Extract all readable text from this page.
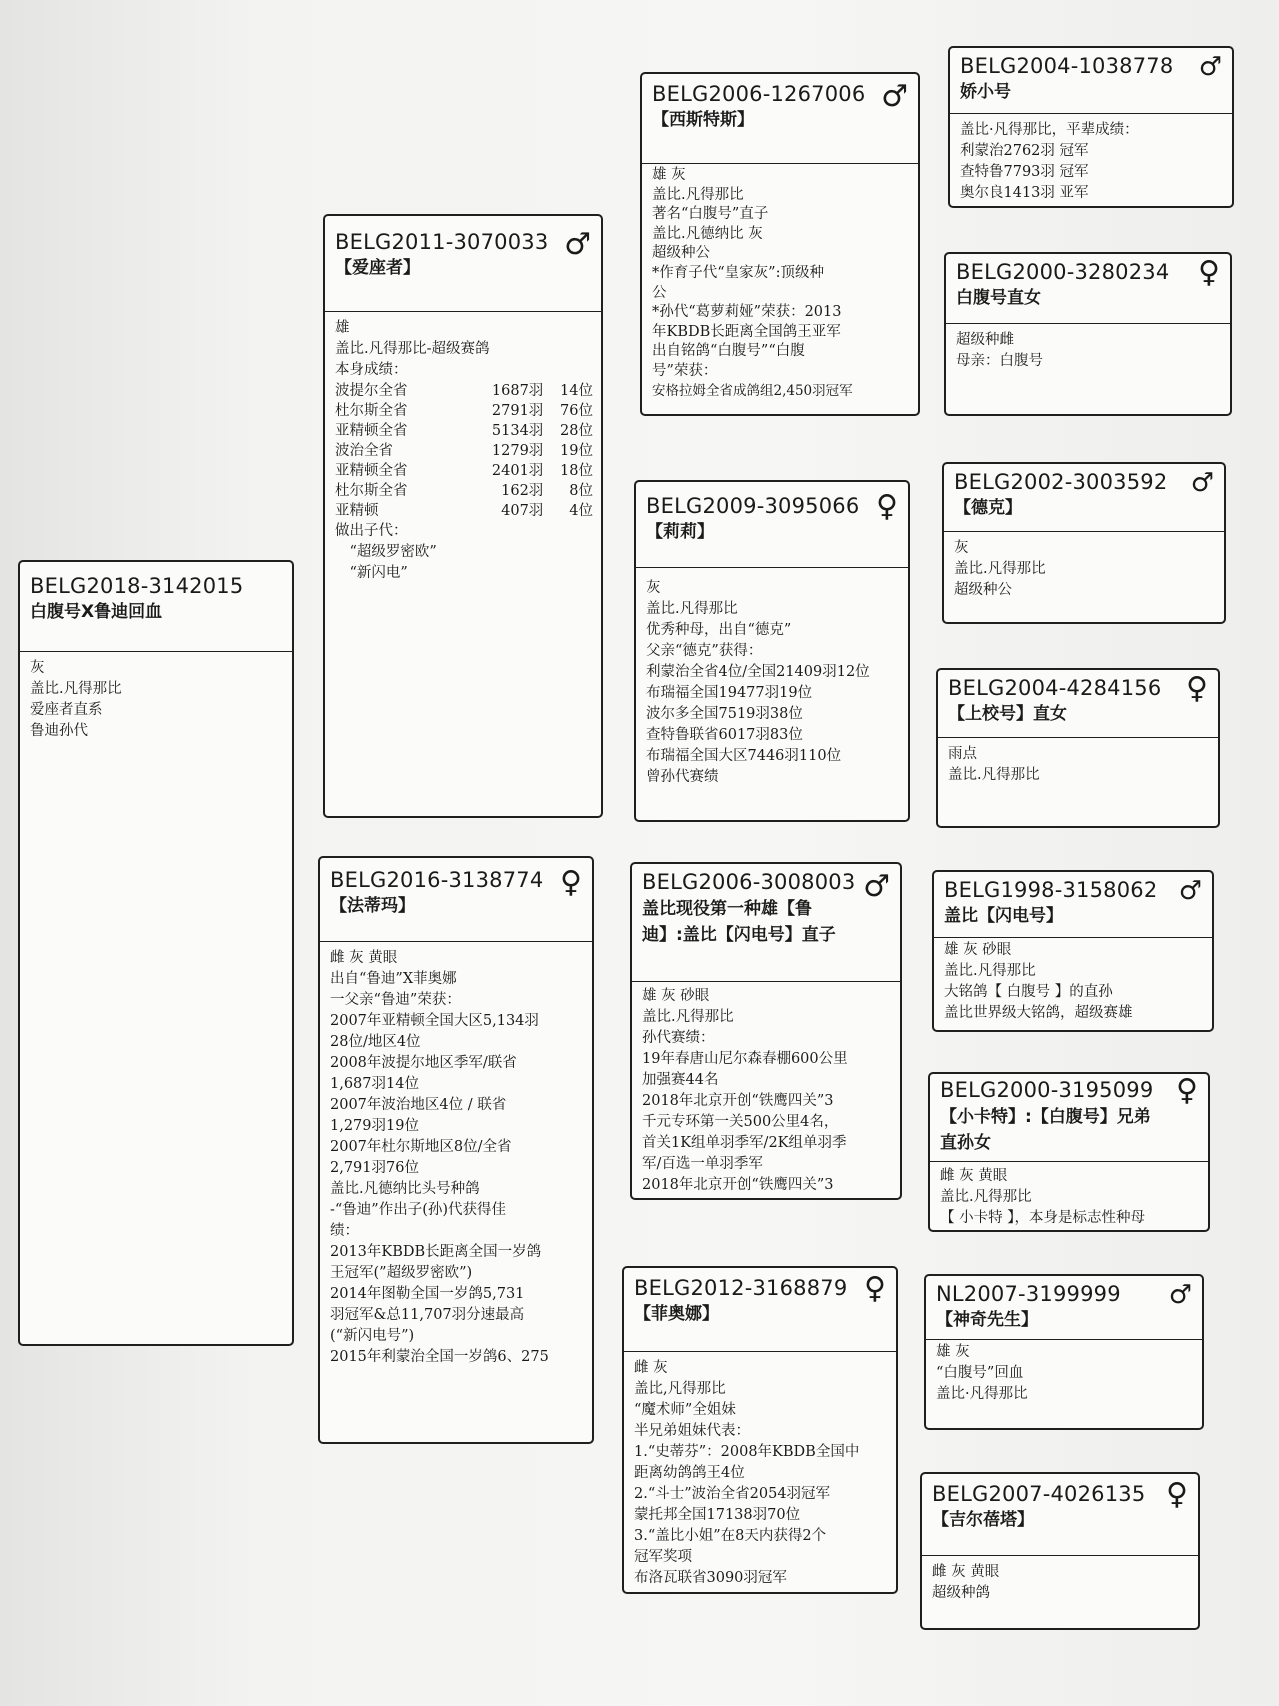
BELG2018-3142015
白腹号X鲁迪回血
灰
盖比.凡得那比
爱座者直系
鲁迪孙代
BELG2011-3070033
【爱座者】
♂
雄
盖比.凡得那比-超级赛鸽
本身成绩：
波提尔全省	1687羽	14位
杜尔斯全省	2791羽	76位
亚精顿全省	5134羽	28位
波治全省	1279羽	19位
亚精顿全省	2401羽	18位
杜尔斯全省	162羽	8位
亚精顿	407羽	4位
做出子代：
　“超级罗密欧”
　“新闪电”
BELG2016-3138774
【法蒂玛】
♀
雌 灰 黄眼
出自“鲁迪”X菲奥娜
一父亲“鲁迪”荣获：
2007年亚精顿全国大区5,134羽
28位/地区4位
2008年波提尔地区季军/联省
1,687羽14位
2007年波治地区4位 / 联省
1,279羽19位
2007年杜尔斯地区8位/全省
2,791羽76位
盖比.凡德纳比头号种鸽
-“鲁迪”作出子(孙)代获得佳
绩：
2013年KBDB长距离全国一岁鸽
王冠军(”超级罗密欧”)
2014年图勒全国一岁鸽5,731
羽冠军&总11,707羽分速最高
(“新闪电号”)
2015年利蒙治全国一岁鸽6、275
BELG2006-1267006
【西斯特斯】
♂
雄 灰
盖比.凡得那比
著名“白腹号”直子
盖比.凡德纳比 灰
超级种公
*作育子代“皇家灰”:顶级种
公
*孙代“葛萝莉娅”荣获：2013
年KBDB长距离全国鸽王亚军
出自铭鸽“白腹号”“白腹
号”荣获：
安格拉姆全省成鸽组2,450羽冠军
BELG2009-3095066
【莉莉】
♀
灰
盖比.凡得那比
优秀种母，出自“德克”
父亲“德克”获得：
利蒙治全省4位/全国21409羽12位
布瑞福全国19477羽19位
波尔多全国7519羽38位
查特鲁联省6017羽83位
布瑞福全国大区7446羽110位
曾孙代赛绩
BELG2006-3008003
盖比现役第一种雄【鲁迪】:盖比【闪电号】直子
♂
雄 灰 砂眼
盖比.凡得那比
孙代赛绩：
19年春唐山尼尔森春棚600公里
加强赛44名
2018年北京开创“铁鹰四关”3
千元专环第一关500公里4名，
首关1K组单羽季军/2K组单羽季
军/百选一单羽季军
2018年北京开创“铁鹰四关”3
BELG2012-3168879
【菲奥娜】
♀
雌 灰
盖比,凡得那比
“魔术师”全姐妹
半兄弟姐妹代表：
1.“史蒂芬”：2008年KBDB全国中
距离幼鸽鸽王4位
2.“斗士”波治全省2054羽冠军
蒙托邦全国17138羽70位
3.“盖比小姐”在8天内获得2个
冠军奖项
布洛瓦联省3090羽冠军
BELG2004-1038778
娇小号
♂
盖比·凡得那比，平辈成绩：
利蒙治2762羽 冠军
查特鲁7793羽 冠军
奥尔良1413羽 亚军
BELG2000-3280234
白腹号直女
♀
超级种雌
母亲：白腹号
BELG2002-3003592
【德克】
♂
灰
盖比.凡得那比
超级种公
BELG2004-4284156
【上校号】直女
♀
雨点
盖比.凡得那比
BELG1998-3158062
盖比【闪电号】
♂
雄 灰 砂眼
盖比.凡得那比
大铭鸽【 白腹号 】的直孙
盖比世界级大铭鸽，超级赛雄
BELG2000-3195099
【小卡特】:【白腹号】兄弟直孙女
♀
雌 灰 黄眼
盖比.凡得那比
【 小卡特 】，本身是标志性种母
NL2007-3199999
【神奇先生】
♂
雄 灰
“白腹号”回血
盖比·凡得那比
BELG2007-4026135
【吉尔蓓塔】
♀
雌 灰 黄眼
超级种鸽
